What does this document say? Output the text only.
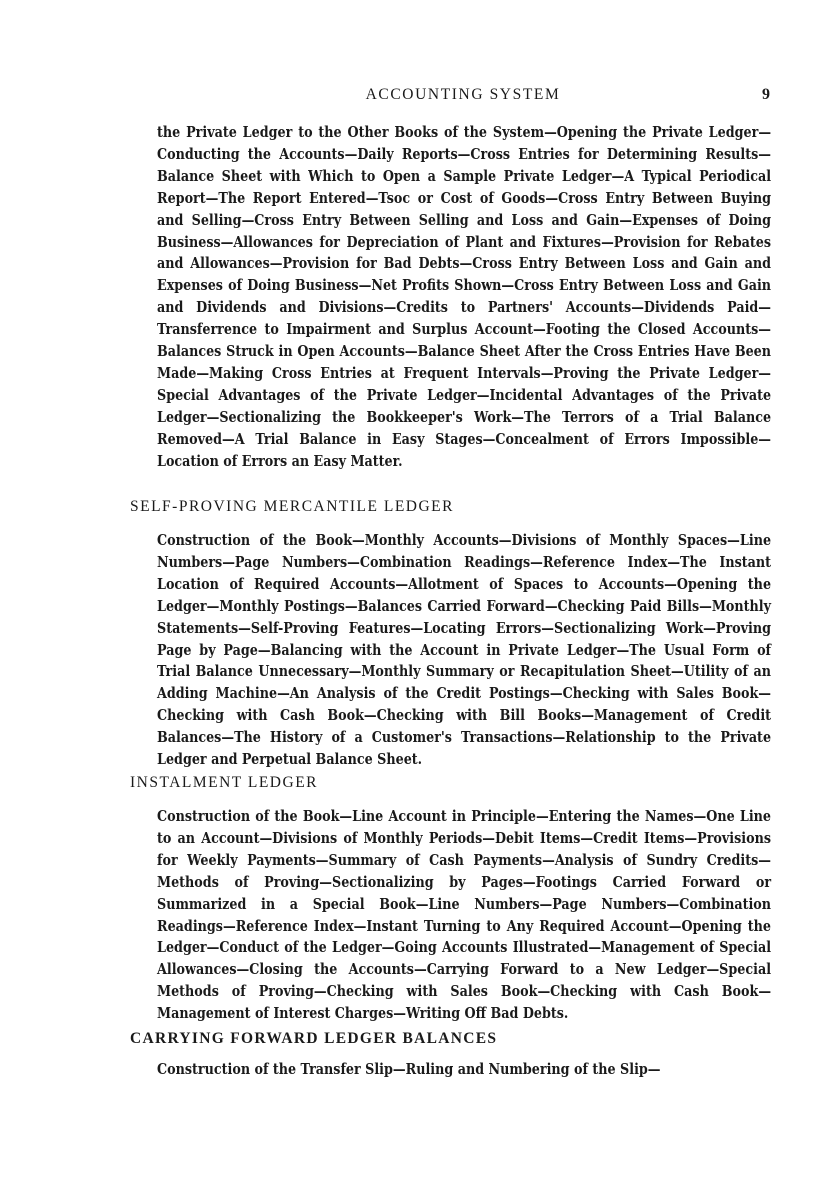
ACCOUNTING SYSTEM	9
the Private Ledger to the Other Books of the System—Opening the Private Ledger—Conducting the Accounts—Daily Reports—Cross Entries for Determining Results—Balance Sheet with Which to Open a Sample Private Ledger—A Typical Periodical Report—The Report Entered—Tsoc or Cost of Goods—Cross Entry Between Buying and Selling—Cross Entry Between Selling and Loss and Gain—Expenses of Doing Business—Allowances for Depreciation of Plant and Fixtures—Provision for Rebates and Allowances—Provision for Bad Debts—Cross Entry Between Loss and Gain and Expenses of Doing Business—Net Profits Shown—Cross Entry Between Loss and Gain and Dividends and Divisions—Credits to Partners' Accounts—Dividends Paid—Transferrence to Impairment and Surplus Account—Footing the Closed Accounts—Balances Struck in Open Accounts—Balance Sheet After the Cross Entries Have Been Made—Making Cross Entries at Frequent Intervals—Proving the Private Ledger—Special Advantages of the Private Ledger—Incidental Advantages of the Private Ledger—Sectionalizing the Bookkeeper's Work—The Terrors of a Trial Balance Removed—A Trial Balance in Easy Stages—Concealment of Errors Impossible—Location of Errors an Easy Matter.
SELF-PROVING MERCANTILE LEDGER
Construction of the Book—Monthly Accounts—Divisions of Monthly Spaces—Line Numbers—Page Numbers—Combination Readings—Reference Index—The Instant Location of Required Accounts—Allotment of Spaces to Accounts—Opening the Ledger—Monthly Postings—Balances Carried Forward—Checking Paid Bills—Monthly Statements—Self-Proving Features—Locating Errors—Sectionalizing Work—Proving Page by Page—Balancing with the Account in Private Ledger—The Usual Form of Trial Balance Unnecessary—Monthly Summary or Recapitulation Sheet—Utility of an Adding Machine—An Analysis of the Credit Postings—Checking with Sales Book—Checking with Cash Book—Checking with Bill Books—Management of Credit Balances—The History of a Customer's Transactions—Relationship to the Private Ledger and Perpetual Balance Sheet.
INSTALMENT LEDGER
Construction of the Book—Line Account in Principle—Entering the Names—One Line to an Account—Divisions of Monthly Periods—Debit Items—Credit Items—Provisions for Weekly Payments—Summary of Cash Payments—Analysis of Sundry Credits—Methods of Proving—Sectionalizing by Pages—Footings Carried Forward or Summarized in a Special Book—Line Numbers—Page Numbers—Combination Readings—Reference Index—Instant Turning to Any Required Account—Opening the Ledger—Conduct of the Ledger—Going Accounts Illustrated—Management of Special Allowances—Closing the Accounts—Carrying Forward to a New Ledger—Special Methods of Proving—Checking with Sales Book—Checking with Cash Book—Management of Interest Charges—Writing Off Bad Debts.
CARRYING FORWARD LEDGER BALANCES
Construction of the Transfer Slip—Ruling and Numbering of the Slip—
